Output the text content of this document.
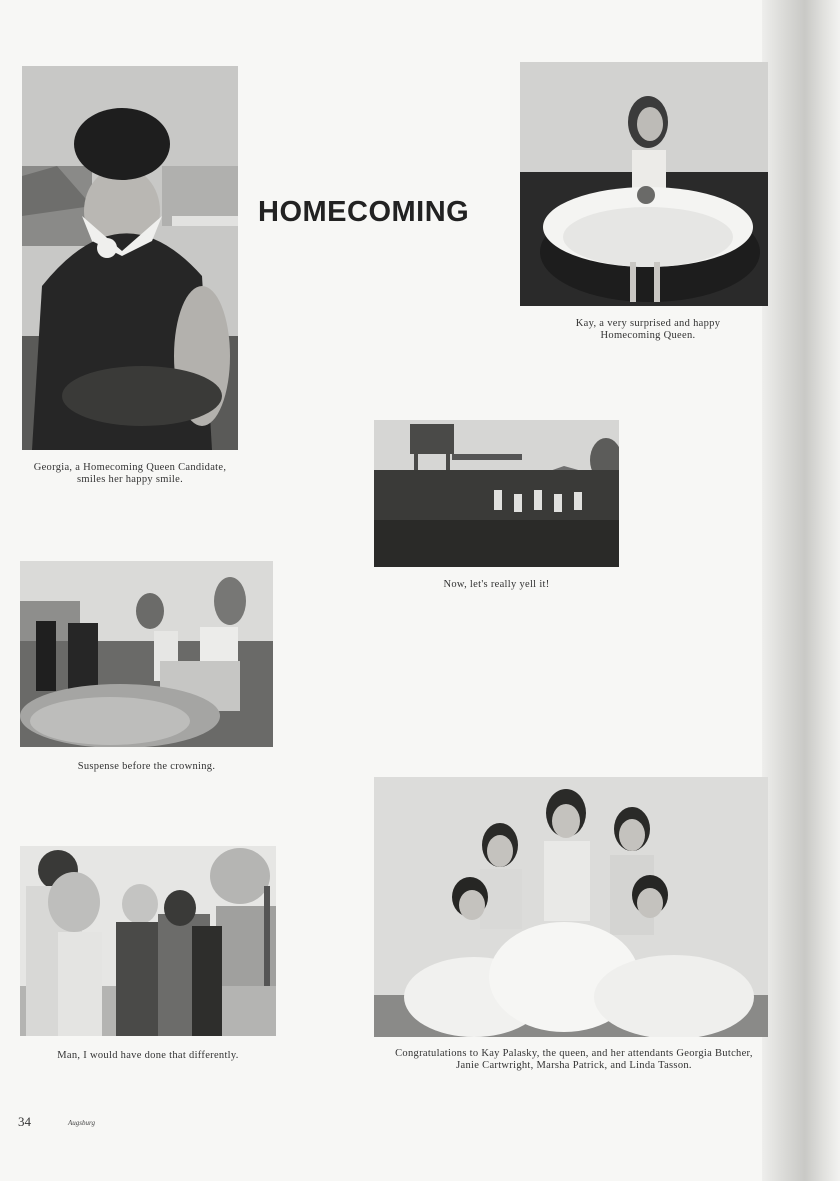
HOMECOMING
Georgia, a Homecoming Queen Candidate, smiles her happy smile.
Kay, a very surprised and happy Homecoming Queen.
Now, let's really yell it!
Suspense before the crowning.
Man, I would have done that differently.	Congratulations to Kay Palasky, the queen, and her attendants Georgia Butcher, Janie Cartwright, Marsha Patrick, and Linda Tasson.
34	Augsburg
